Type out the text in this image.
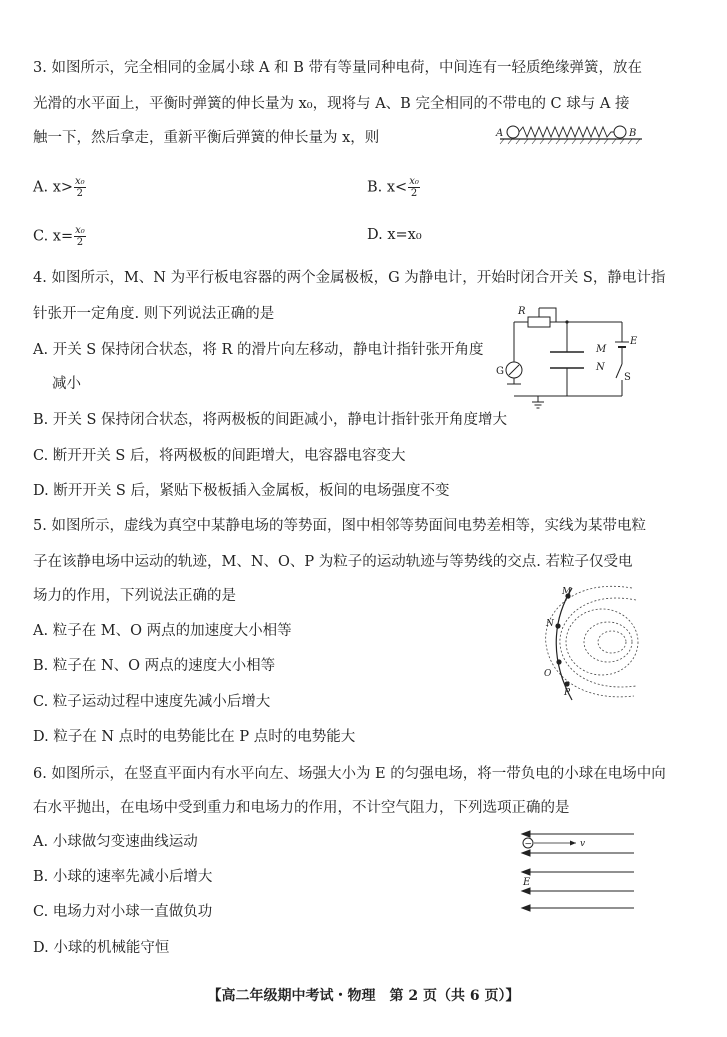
3. 如图所示，完全相同的金属小球 A 和 B 带有等量同种电荷，中间连有一轻质绝缘弹簧，放在
光滑的水平面上，平衡时弹簧的伸长量为 x₀，现将与 A、B 完全相同的不带电的 C 球与 A 接
触一下，然后拿走，重新平衡后弹簧的伸长量为 x，则	A	B
A. $x> \frac{\text{x₀}}{2}$	B. $x< \frac{\text{x₀}}{2}$
C. $x= \frac{\text{x₀}}{2}$	D. x=x₀
4. 如图所示，M、N 为平行板电容器的两个金属极板，G 为静电计，开始时闭合开关 S，静电计指
针张开一定角度. 则下列说法正确的是
A. 开关 S 保持闭合状态，将 R 的滑片向左移动，静电计指针张开角度
减小
B. 开关 S 保持闭合状态，将两极板的间距减小，静电计指针张开角度增大
C. 断开开关 S 后，将两极板的间距增大，电容器电容变大
D. 断开开关 S 后，紧贴下极板插入金属板，板间的电场强度不变
R
E
S
M
N
G
5. 如图所示，虚线为真空中某静电场的等势面，图中相邻等势面间电势差相等，实线为某带电粒
子在该静电场中运动的轨迹，M、N、O、P 为粒子的运动轨迹与等势线的交点. 若粒子仅受电
场力的作用，下列说法正确的是
A. 粒子在 M、O 两点的加速度大小相等
B. 粒子在 N、O 两点的速度大小相等
C. 粒子运动过程中速度先减小后增大
D. 粒子在 N 点时的电势能比在 P 点时的电势能大
M
N
O
P
6. 如图所示，在竖直平面内有水平向左、场强大小为 E 的匀强电场，将一带负电的小球在电场中向
右水平抛出，在电场中受到重力和电场力的作用，不计空气阻力，下列选项正确的是
A. 小球做匀变速曲线运动
B. 小球的速率先减小后增大
C. 电场力对小球一直做负功
D. 小球的机械能守恒
−	v
E
【高二年级期中考试・物理　第 2 页（共 6 页）】
